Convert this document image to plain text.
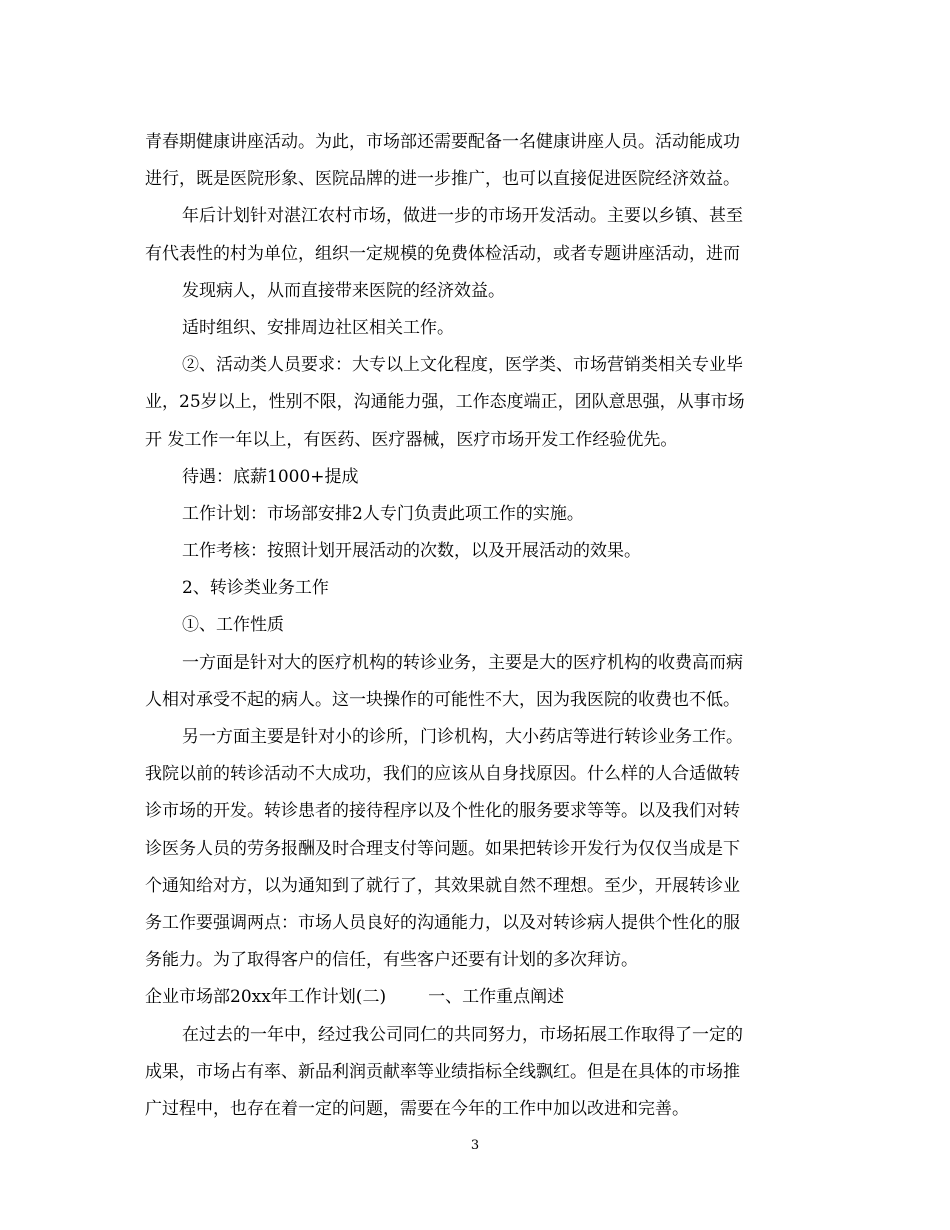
青春期健康讲座活动。为此，市场部还需要配备一名健康讲座人员。活动能成功
进行，既是医院形象、医院品牌的进一步推广，也可以直接促进医院经济效益。
年后计划针对湛江农村市场，做进一步的市场开发活动。主要以乡镇、甚至
有代表性的村为单位，组织一定规模的免费体检活动，或者专题讲座活动，进而
发现病人，从而直接带来医院的经济效益。
适时组织、安排周边社区相关工作。
②、活动类人员要求：大专以上文化程度，医学类、市场营销类相关专业毕
业，25岁以上，性别不限，沟通能力强，工作态度端正，团队意思强，从事市场
开 发工作一年以上，有医药、医疗器械，医疗市场开发工作经验优先。
待遇：底薪1000+提成
工作计划：市场部安排2人专门负责此项工作的实施。
工作考核：按照计划开展活动的次数，以及开展活动的效果。
2、转诊类业务工作
①、工作性质
一方面是针对大的医疗机构的转诊业务，主要是大的医疗机构的收费高而病
人相对承受不起的病人。这一块操作的可能性不大，因为我医院的收费也不低。
另一方面主要是针对小的诊所，门诊机构，大小药店等进行转诊业务工作。
我院以前的转诊活动不大成功，我们的应该从自身找原因。什么样的人合适做转
诊市场的开发。转诊患者的接待程序以及个性化的服务要求等等。以及我们对转
诊医务人员的劳务报酬及时合理支付等问题。如果把转诊开发行为仅仅当成是下
个通知给对方，以为通知到了就行了，其效果就自然不理想。至少，开展转诊业
务工作要强调两点：市场人员良好的沟通能力，以及对转诊病人提供个性化的服
务能力。为了取得客户的信任，有些客户还要有计划的多次拜访。
企业市场部20xx年工作计划(二) 一、工作重点阐述
在过去的一年中，经过我公司同仁的共同努力，市场拓展工作取得了一定的
成果，市场占有率、新品利润贡献率等业绩指标全线飘红。但是在具体的市场推
广过程中，也存在着一定的问题，需要在今年的工作中加以改进和完善。
3
